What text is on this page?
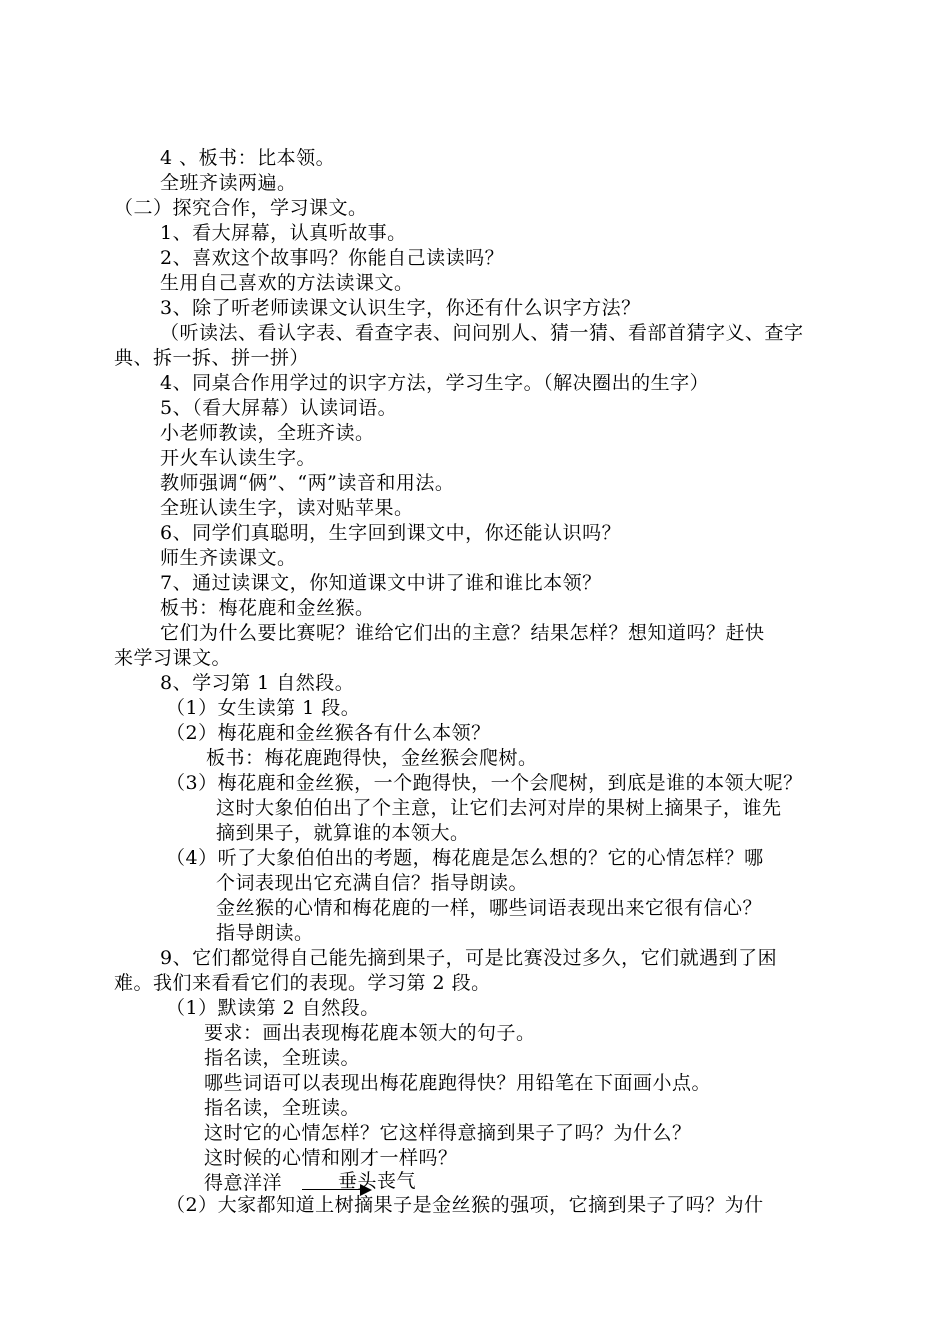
4 、板书：比本领。
全班齐读两遍。
（二）探究合作，学习课文。
1、看大屏幕，认真听故事。
2、喜欢这个故事吗？你能自己读读吗？
生用自己喜欢的方法读课文。
3、除了听老师读课文认识生字，你还有什么识字方法？
（听读法、看认字表、看查字表、问问别人、猜一猜、看部首猜字义、查字
典、拆一拆、拼一拼）
4、同桌合作用学过的识字方法，学习生字。（解决圈出的生字）
5、（看大屏幕）认读词语。
小老师教读，全班齐读。
开火车认读生字。
教师强调“俩”、“两”读音和用法。
全班认读生字，读对贴苹果。
6、同学们真聪明，生字回到课文中，你还能认识吗？
师生齐读课文。
7、通过读课文，你知道课文中讲了谁和谁比本领？
板书：梅花鹿和金丝猴。
它们为什么要比赛呢？谁给它们出的主意？结果怎样？想知道吗？赶快
来学习课文。
8、学习第 1 自然段。
（1）女生读第 1 段。
（2）梅花鹿和金丝猴各有什么本领？
板书：梅花鹿跑得快，金丝猴会爬树。
（3）梅花鹿和金丝猴，一个跑得快，一个会爬树，到底是谁的本领大呢？
这时大象伯伯出了个主意，让它们去河对岸的果树上摘果子，谁先
摘到果子，就算谁的本领大。
（4）听了大象伯伯出的考题，梅花鹿是怎么想的？它的心情怎样？哪
个词表现出它充满自信？指导朗读。
金丝猴的心情和梅花鹿的一样，哪些词语表现出来它很有信心？
指导朗读。
9、它们都觉得自己能先摘到果子，可是比赛没过多久，它们就遇到了困
难。我们来看看它们的表现。学习第 2 段。
（1）默读第 2 自然段。
要求：画出表现梅花鹿本领大的句子。
指名读，全班读。
哪些词语可以表现出梅花鹿跑得快？用铅笔在下面画小点。
指名读，全班读。
这时它的心情怎样？它这样得意摘到果子了吗？为什么？
这时候的心情和刚才一样吗？
得意洋洋	垂头丧气
（2）大家都知道上树摘果子是金丝猴的强项，它摘到果子了吗？为什
